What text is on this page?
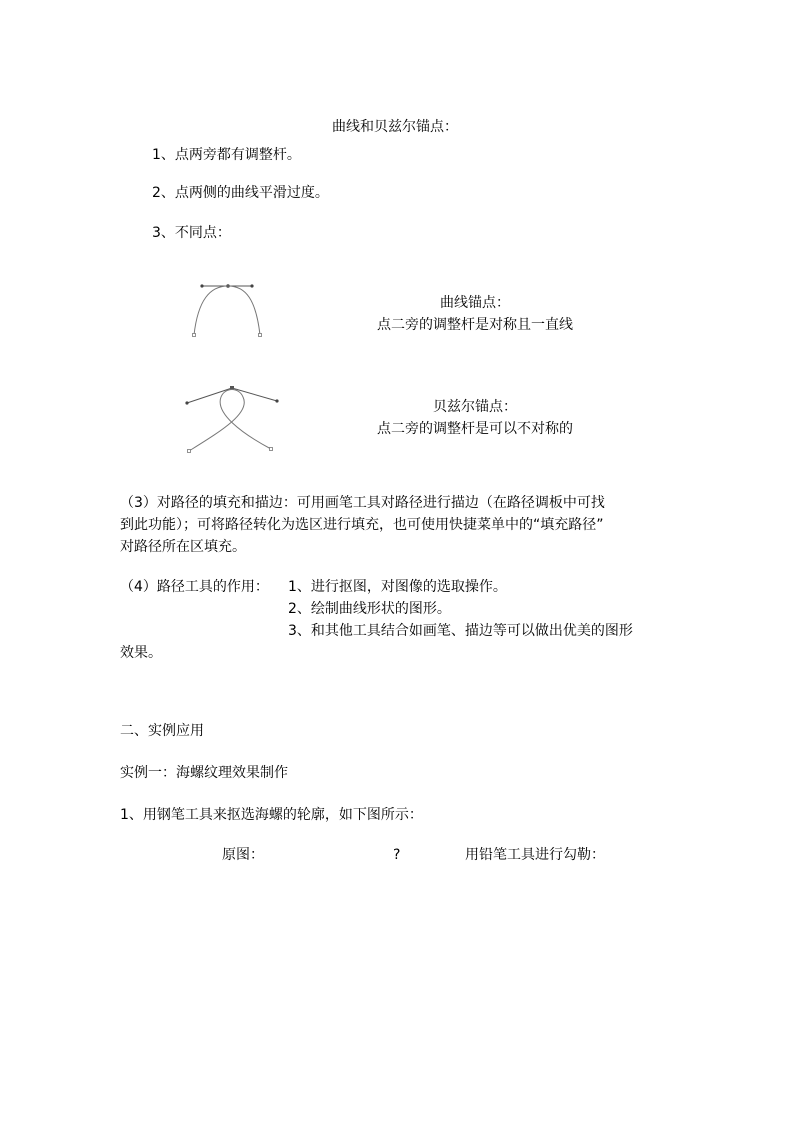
曲线和贝兹尔锚点：
1、点两旁都有调整杆。
2、点两侧的曲线平滑过度。
3、不同点：
曲线锚点：
点二旁的调整杆是对称且一直线
贝兹尔锚点：
点二旁的调整杆是可以不对称的
（3）对路径的填充和描边：可用画笔工具对路径进行描边（在路径调板中可找
到此功能）；可将路径转化为选区进行填充，也可使用快捷菜单中的“填充路径”
对路径所在区填充。
（4）路径工具的作用： 1、进行抠图，对图像的选取操作。
2、绘制曲线形状的图形。
3、和其他工具结合如画笔、描边等可以做出优美的图形
效果。
二、实例应用
实例一：海螺纹理效果制作
1、用钢笔工具来抠选海螺的轮廓，如下图所示：
原图：	?	用铅笔工具进行勾勒：
